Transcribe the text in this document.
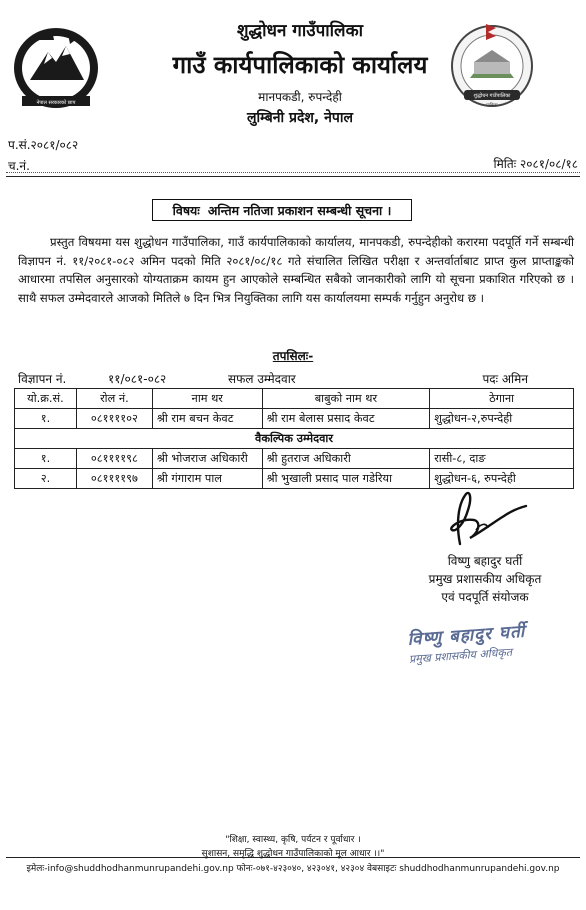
नेपाल सरकारको छाप
शुद्धोधन गाउँपालिका
गाउँ कार्यपालिकाको कार्यालय
मानपकडी, रुपन्देही
लुम्बिनी प्रदेश, नेपाल
शुद्धोधन गाउँपालिका
पालिका

प.सं.२०८१/०८२
च.नं.	मितिः २०८१/०८/१८
विषयः अन्तिम नतिजा प्रकाशन सम्बन्धी सूचना ।

प्रस्तुत विषयमा यस शुद्धोधन गाउँपालिका, गाउँ कार्यपालिकाको कार्यालय, मानपकडी, रुपन्देहीको करारमा पदपूर्ति गर्ने सम्बन्धी विज्ञापन नं. ११/२०८१-०८२ अमिन पदको मिति २०८१/०८/१८ गते संचालित लिखित परीक्षा र अन्तर्वार्ताबाट प्राप्त कुल प्राप्ताङ्कको आधारमा तपसिल अनुसारको योग्यताक्रम कायम हुन आएकोले सम्बन्धित सबैको जानकारीको लागि यो सूचना प्रकाशित गरिएको छ । साथै सफल उम्मेदवारले आजको मितिले ७ दिन भित्र नियुक्तिका लागि यस कार्यालयमा सम्पर्क गर्नुहुन अनुरोध छ ।

तपसिलः-
विज्ञापन नं.	११/०८१-०८२	सफल उम्मेदवार	पदः अमिन
यो.क्र.सं.	रोल नं.	नाम थर	बाबुको नाम थर	ठेगाना
१.	०८११११०२	श्री राम बचन केवट	श्री राम बेलास प्रसाद केवट	शुद्धोधन-२,रुपन्देही
वैकल्पिक उम्मेदवार				
१.	०८११११९८	श्री भोजराज अधिकारी	श्री हुतराज अधिकारी	रासी-८, दाङ
२.	०८११११९७	श्री गंगाराम पाल	श्री भुखाली प्रसाद पाल गडेरिया	शुद्धोधन-६, रुपन्देही
विष्णु बहादुर घर्ती
प्रमुख प्रशासकीय अधिकृत
एवं पदपूर्ति संयोजक
विष्णु बहादुर घर्ती
प्रमुख प्रशासकीय अधिकृत
"शिक्षा, स्वास्थ्य, कृषि, पर्यटन र पूर्वाधार ।
सुशासन, समृद्धि शुद्धोधन गाउँपालिकाको मूल आधार ।।"
इमेलः-info@shuddhodhanmunrupandehi.gov.np फोनः-०७१-४२३०४०, ४२३०४१, ४२३०४ वेबसाइटः shuddhodhanmunrupandehi.gov.np
